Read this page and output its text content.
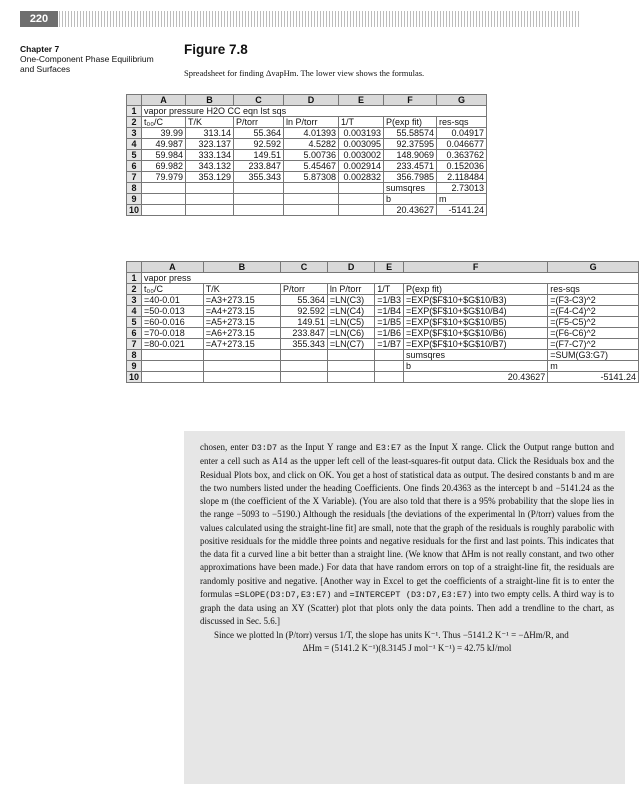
220
Chapter 7
One-Component Phase Equilibrium and Surfaces
Figure 7.8
Spreadsheet for finding ΔvapHm. The lower view shows the formulas.
	A	B	C	D	E	F	G
1	vapor pressure H2O CC eqn lst sqs						
2	t₀₀/C	T/K	P/torr	ln P/torr	1/T	P(exp fit)	res-sqs
3	39.99	313.14	55.364	4.01393	0.003193	55.58574	0.04917
4	49.987	323.137	92.592	4.5282	0.003095	92.37595	0.046677
5	59.984	333.134	149.51	5.00736	0.003002	148.9069	0.363762
6	69.982	343.132	233.847	5.45467	0.002914	233.4571	0.152036
7	79.979	353.129	355.343	5.87308	0.002832	356.7985	2.118484
8						sumsqres	2.73013
9						b	m
10						20.43627	-5141.24
	A	B	C	D	E	F	G
1	vapor press						
2	t₀₀/C	T/K	P/torr	ln P/torr	1/T	P(exp fit)	res-sqs
3	=40-0.01	=A3+273.15	55.364	=LN(C3)	=1/B3	=EXP($F$10+$G$10/B3)	=(F3-C3)^2
4	=50-0.013	=A4+273.15	92.592	=LN(C4)	=1/B4	=EXP($F$10+$G$10/B4)	=(F4-C4)^2
5	=60-0.016	=A5+273.15	149.51	=LN(C5)	=1/B5	=EXP($F$10+$G$10/B5)	=(F5-C5)^2
6	=70-0.018	=A6+273.15	233.847	=LN(C6)	=1/B6	=EXP($F$10+$G$10/B6)	=(F6-C6)^2
7	=80-0.021	=A7+273.15	355.343	=LN(C7)	=1/B7	=EXP($F$10+$G$10/B7)	=(F7-C7)^2
8						sumsqres	=SUM(G3:G7)
9						b	m
10						20.43627	-5141.24

chosen, enter D3:D7 as the Input Y range and E3:E7 as the Input X range. Click the Output range button and enter a cell such as A14 as the upper left cell of the least-squares-fit output data. Click the Residuals box and the Residual Plots box, and click on OK. You get a host of statistical data as output. The desired constants b and m are the two numbers listed under the heading Coefficients. One finds 20.4363 as the intercept b and −5141.24 as the slope m (the coefficient of the X Variable). (You are also told that there is a 95% probability that the slope lies in the range −5093 to −5190.) Although the residuals [the deviations of the experimental ln (P/torr) values from the values calculated using the straight-line fit] are small, note that the graph of the residuals is roughly parabolic with positive residuals for the middle three points and negative residuals for the first and last points. This indicates that the data fit a curved line a bit better than a straight line. (We know that ΔHm is not really constant, and two other approximations have been made.) For data that have random errors on top of a straight-line fit, the residuals are randomly positive and negative. [Another way in Excel to get the coefficients of a straight-line fit is to enter the formulas =SLOPE(D3:D7,E3:E7) and =INTERCEPT (D3:D7,E3:E7) into two empty cells. A third way is to graph the data using an XY (Scatter) plot that plots only the data points. Then add a trendline to the chart, as discussed in Sec. 5.6.]

Since we plotted ln (P/torr) versus 1/T, the slope has units K⁻¹. Thus −5141.2 K⁻¹ = −ΔHm/R, and

ΔHm = (5141.2 K⁻¹)(8.3145 J mol⁻¹ K⁻¹) = 42.75 kJ/mol
